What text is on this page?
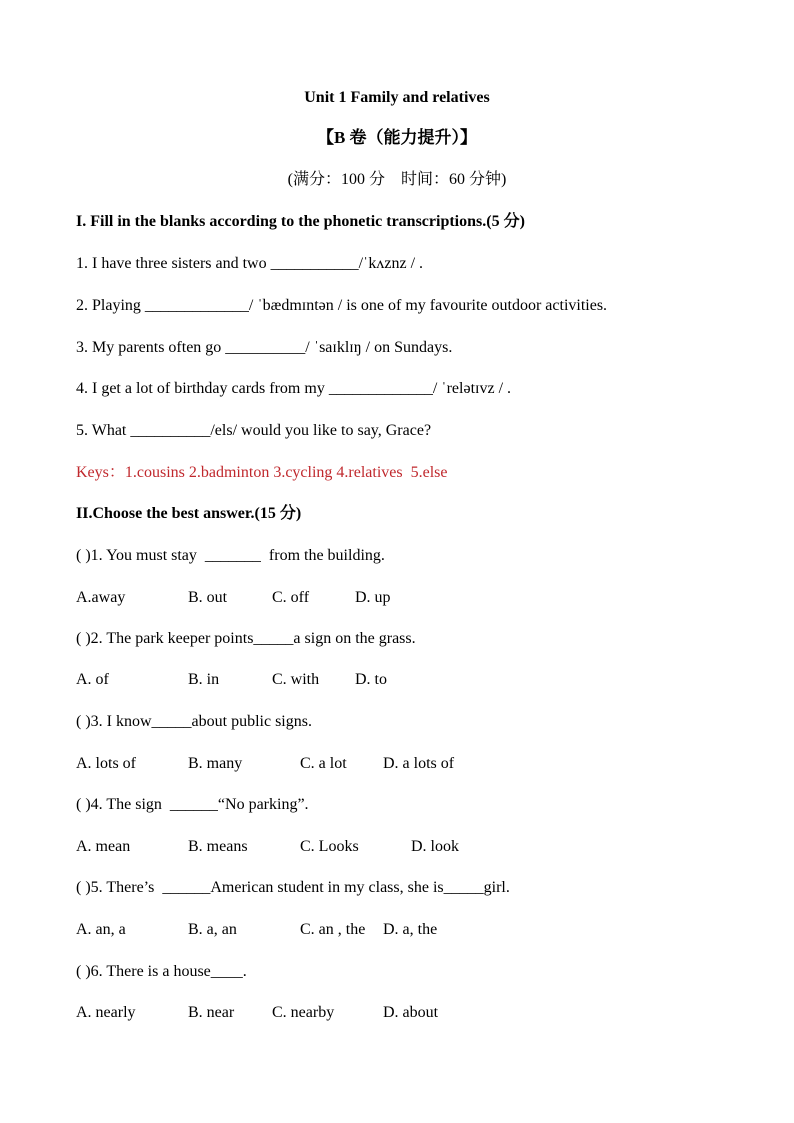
Unit 1 Family and relatives
【B 卷（能力提升）】
(满分：100 分　时间：60 分钟)
I. Fill in the blanks according to the phonetic transcriptions.(5 分)
1. I have three sisters and two ___________/ˈkʌznz / .
2. Playing _____________/ ˈbædmɪntən / is one of my favourite outdoor activities.
3. My parents often go __________/ ˈsaɪklɪŋ / on Sundays.
4. I get a lot of birthday cards from my _____________/ ˈrelətɪvz / .
5. What __________/els/ would you like to say, Grace?
Keys：1.cousins 2.badminton 3.cycling 4.relatives  5.else
II.Choose the best answer.(15 分)
( )1. You must stay  _______  from the building.
A.away	B. out	C. off	D. up
( )2. The park keeper points_____a sign on the grass.
A. of	B. in	C. with D. to
( )3. I know_____about public signs.
A. lots of	B. many	C. a lot D. a lots of
( )4. The sign  ______“No parking”.
A. mean	B. means	C. Looks	D. look
( )5. There’s  ______American student in my class, she is_____girl.
A. an, a	B. a, an	C. an , the D. a, the
( )6. There is a house____.
A. nearly	B. near C. nearby	D. about
